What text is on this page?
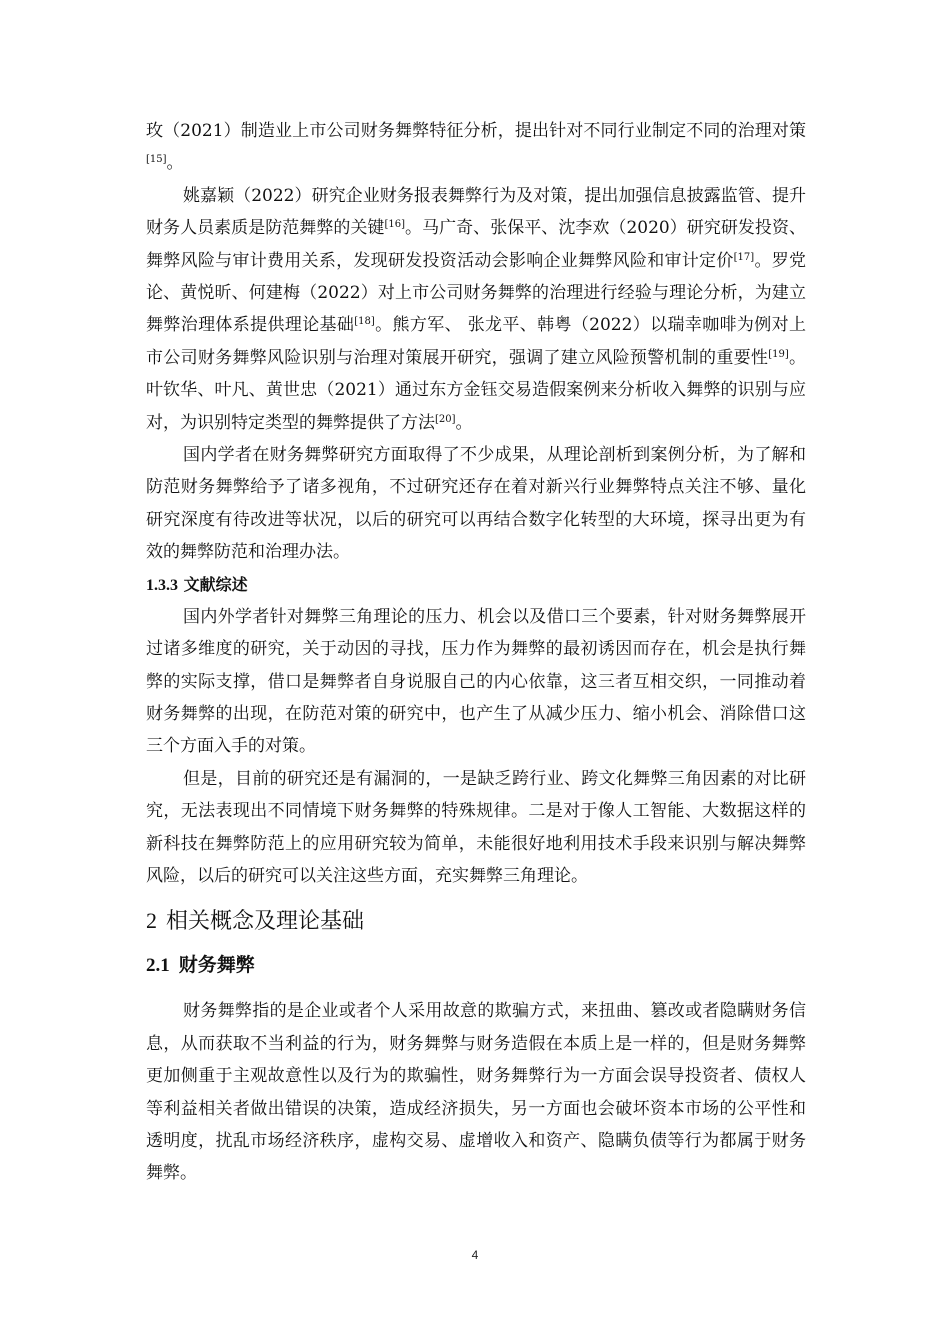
玫（2021）制造业上市公司财务舞弊特征分析，提出针对不同行业制定不同的治理对策[15]。

姚嘉颖（2022）研究企业财务报表舞弊行为及对策，提出加强信息披露监管、提升财务人员素质是防范舞弊的关键[16]。马广奇、张保平、沈李欢（2020）研究研发投资、舞弊风险与审计费用关系，发现研发投资活动会影响企业舞弊风险和审计定价[17]。罗党论、黄悦昕、何建梅（2022）对上市公司财务舞弊的治理进行经验与理论分析，为建立舞弊治理体系提供理论基础[18]。熊方军、 张龙平、韩粤（2022）以瑞幸咖啡为例对上市公司财务舞弊风险识别与治理对策展开研究，强调了建立风险预警机制的重要性[19]。叶钦华、叶凡、黄世忠（2021）通过东方金钰交易造假案例来分析收入舞弊的识别与应对，为识别特定类型的舞弊提供了方法[20]。

国内学者在财务舞弊研究方面取得了不少成果，从理论剖析到案例分析，为了解和防范财务舞弊给予了诸多视角，不过研究还存在着对新兴行业舞弊特点关注不够、量化研究深度有待改进等状况，以后的研究可以再结合数字化转型的大环境，探寻出更为有效的舞弊防范和治理办法。

1.3.3 文献综述

国内外学者针对舞弊三角理论的压力、机会以及借口三个要素，针对财务舞弊展开过诸多维度的研究，关于动因的寻找，压力作为舞弊的最初诱因而存在，机会是执行舞弊的实际支撑，借口是舞弊者自身说服自己的内心依靠，这三者互相交织，一同推动着财务舞弊的出现，在防范对策的研究中，也产生了从减少压力、缩小机会、消除借口这三个方面入手的对策。

但是，目前的研究还是有漏洞的，一是缺乏跨行业、跨文化舞弊三角因素的对比研究，无法表现出不同情境下财务舞弊的特殊规律。二是对于像人工智能、大数据这样的新科技在舞弊防范上的应用研究较为简单，未能很好地利用技术手段来识别与解决舞弊风险，以后的研究可以关注这些方面，充实舞弊三角理论。

2 相关概念及理论基础
2.1 财务舞弊

财务舞弊指的是企业或者个人采用故意的欺骗方式，来扭曲、篡改或者隐瞒财务信息，从而获取不当利益的行为，财务舞弊与财务造假在本质上是一样的，但是财务舞弊更加侧重于主观故意性以及行为的欺骗性，财务舞弊行为一方面会误导投资者、债权人等利益相关者做出错误的决策，造成经济损失，另一方面也会破坏资本市场的公平性和透明度，扰乱市场经济秩序，虚构交易、虚增收入和资产、隐瞒负债等行为都属于财务舞弊。

4
